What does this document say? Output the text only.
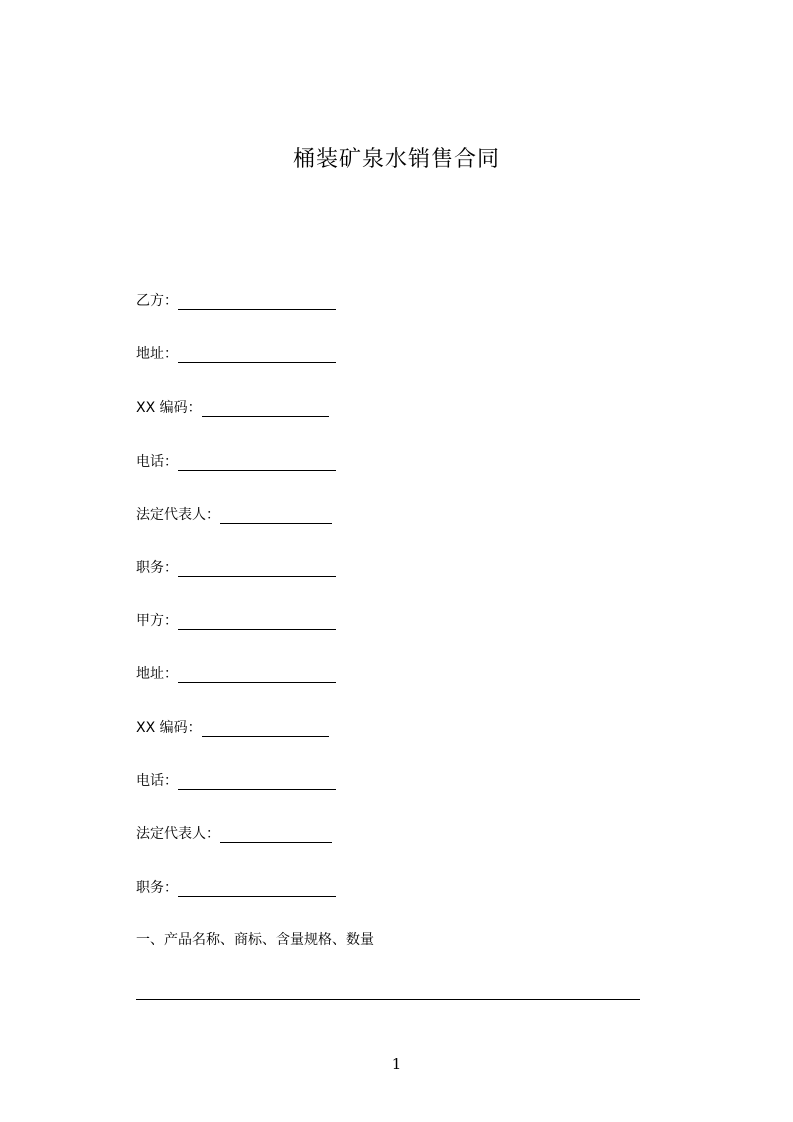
桶装矿泉水销售合同
乙方：
地址：
XX 编码：
电话：
法定代表人：
职务：
甲方：
地址：
XX 编码：
电话：
法定代表人：
职务：
一、产品名称、商标、含量规格、数量
1
